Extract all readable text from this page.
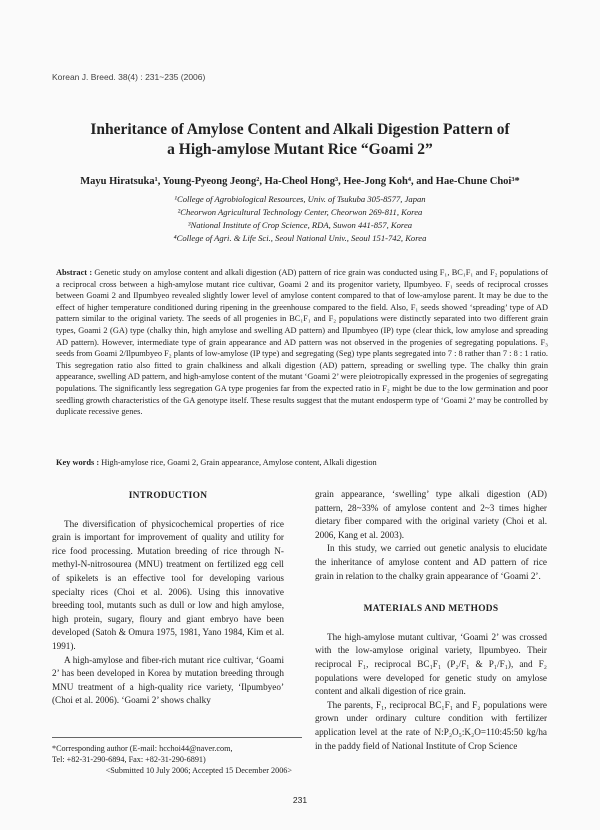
Korean J. Breed. 38(4) : 231~235 (2006)
Inheritance of Amylose Content and Alkali Digestion Pattern of
a High-amylose Mutant Rice “Goami 2”
Mayu Hiratsuka¹, Young-Pyeong Jeong², Ha-Cheol Hong³, Hee-Jong Koh⁴, and Hae-Chune Choi³*
¹College of Agrobiological Resources, Univ. of Tsukuba 305-8577, Japan
²Cheorwon Agricultural Technology Center, Cheorwon 269-811, Korea
³National Institute of Crop Science, RDA, Suwon 441-857, Korea
⁴College of Agri. & Life Sci., Seoul National Univ., Seoul 151-742, Korea

Abstract : Genetic study on amylose content and alkali digestion (AD) pattern of rice grain was conducted using F₁, BC₁F₁ and F₂ populations of a reciprocal cross between a high-amylose mutant rice cultivar, Goami 2 and its progenitor variety, Ilpumbyeo. F₁ seeds of reciprocal crosses between Goami 2 and Ilpumbyeo revealed slightly lower level of amylose content compared to that of low-amylose parent. It may be due to the effect of higher temperature conditioned during ripening in the greenhouse compared to the field. Also, F₁ seeds showed ‘spreading’ type of AD pattern similar to the original variety. The seeds of all progenies in BC₁F₁ and F₂ populations were distinctly separated into two different grain types, Goami 2 (GA) type (chalky thin, high amylose and swelling AD pattern) and Ilpumbyeo (IP) type (clear thick, low amylose and spreading AD pattern). However, intermediate type of grain appearance and AD pattern was not observed in the progenies of segregating populations. F₃ seeds from Goami 2/Ilpumbyeo F₂ plants of low-amylose (IP type) and segregating (Seg) type plants segregated into 7 : 8 rather than 7 : 8 : 1 ratio. This segregation ratio also fitted to grain chalkiness and alkali digestion (AD) pattern, spreading or swelling type. The chalky thin grain appearance, swelling AD pattern, and high-amylose content of the mutant ‘Goami 2’ were pleiotropically expressed in the progenies of segregating populations. The significantly less segregation GA type progenies far from the expected ratio in F₂ might be due to the low germination and poor seedling growth characteristics of the GA genotype itself. These results suggest that the mutant endosperm type of ‘Goami 2’ may be controlled by duplicate recessive genes.

Key words : High-amylose rice, Goami 2, Grain appearance, Amylose content, Alkali digestion

INTRODUCTION

The diversification of physicochemical properties of rice grain is important for improvement of quality and utility for rice food processing. Mutation breeding of rice through N-methyl-N-nitrosourea (MNU) treatment on fertilized egg cell of spikelets is an effective tool for developing various specialty rices (Choi et al. 2006). Using this innovative breeding tool, mutants such as dull or low and high amylose, high protein, sugary, floury and giant embryo have been developed (Satoh & Omura 1975, 1981, Yano 1984, Kim et al. 1991).

A high-amylose and fiber-rich mutant rice cultivar, ‘Goami 2’ has been developed in Korea by mutation breeding through MNU treatment of a high-quality rice variety, ‘Ilpumbyeo’ (Choi et al. 2006). ‘Goami 2’ shows chalky

grain appearance, ‘swelling’ type alkali digestion (AD) pattern, 28~33% of amylose content and 2~3 times higher dietary fiber compared with the original variety (Choi et al. 2006, Kang et al. 2003).

In this study, we carried out genetic analysis to elucidate the inheritance of amylose content and AD pattern of rice grain in relation to the chalky grain appearance of ‘Goami 2’.

MATERIALS AND METHODS

The high-amylose mutant cultivar, ‘Goami 2’ was crossed with the low-amylose original variety, Ilpumbyeo. Their reciprocal F₁, reciprocal BC₁F₁ (P₂/F₁ & P₁/F₁), and F₂ populations were developed for genetic study on amylose content and alkali digestion of rice grain.

The parents, F₁, reciprocal BC₁F₁ and F₂ populations were grown under ordinary culture condition with fertilizer application level at the rate of N:P₂O₅:K₂O=110:45:50 kg/ha in the paddy field of National Institute of Crop Science

*Corresponding author (E-mail: hcchoi44@naver.com,
Tel: +82-31-290-6894, Fax: +82-31-290-6891)
<Submitted 10 July 2006; Accepted 15 December 2006>
231
